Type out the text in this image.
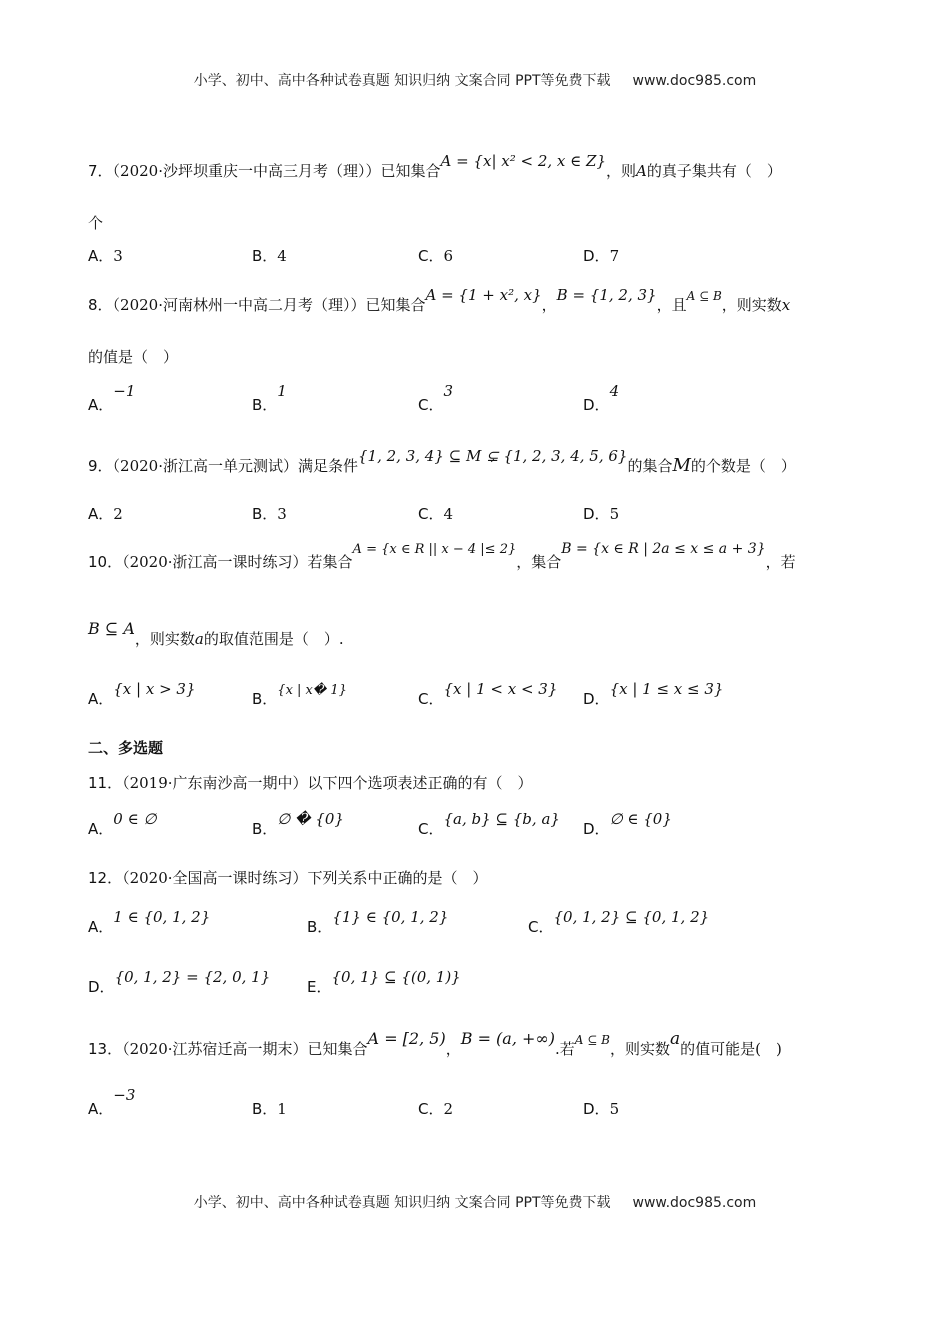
小学、初中、高中各种试卷真题 知识归纳 文案合同 PPT等免费下载 www.doc985.com
7．（2020·沙坪坝重庆一中高三月考（理））已知集合A = {x| x² < 2, x ∈ Z}，则A的真子集共有（　）
个
A．3	B．4	C．6	D．7
8．（2020·河南林州一中高二月考（理））已知集合A = {1 + x², x}，B = {1, 2, 3}，且$^{A ⊆ B}$，则实数x
的值是（　）
A．−1
B．1
C．3
D．4
9．（2020·浙江高一单元测试）满足条件{1, 2, 3, 4} ⊆ M ⊊ {1, 2, 3, 4, 5, 6}的集合M的个数是（　）
A．2	B．3	C．4	D．5
10．（2020·浙江高一课时练习）若集合A = {x ∈ R || x − 4 |≤ 2}，集合B = {x ∈ R | 2a ≤ x ≤ a + 3}，若
B ⊆ A，则实数a的取值范围是（　）.
A．{x | x > 3}
B．{x | x� 1}	C．{x | 1 < x < 3}
D．{x | 1 ≤ x ≤ 3}
二、多选题
11．（2019·广东南沙高一期中）以下四个选项表述正确的有（　）
A．0 ∈ ∅
B．∅ � {0}
C．{a, b} ⊆ {b, a}
D．∅ ∈ {0}
12．（2020·全国高一课时练习）下列关系中正确的是（　）
A．1 ∈ {0, 1, 2}
B．{1} ∈ {0, 1, 2}
C．{0, 1, 2} ⊆ {0, 1, 2}
D．{0, 1, 2} = {2, 0, 1}
E．{0, 1} ⊆ {(0, 1)}
13．（2020·江苏宿迁高一期末）已知集合A = [2, 5)，B = (a, +∞).若$^{A ⊆ B}$，则实数a的值可能是(　)
A．−3
B．1	C．2	D．5
小学、初中、高中各种试卷真题 知识归纳 文案合同 PPT等免费下载 www.doc985.com
